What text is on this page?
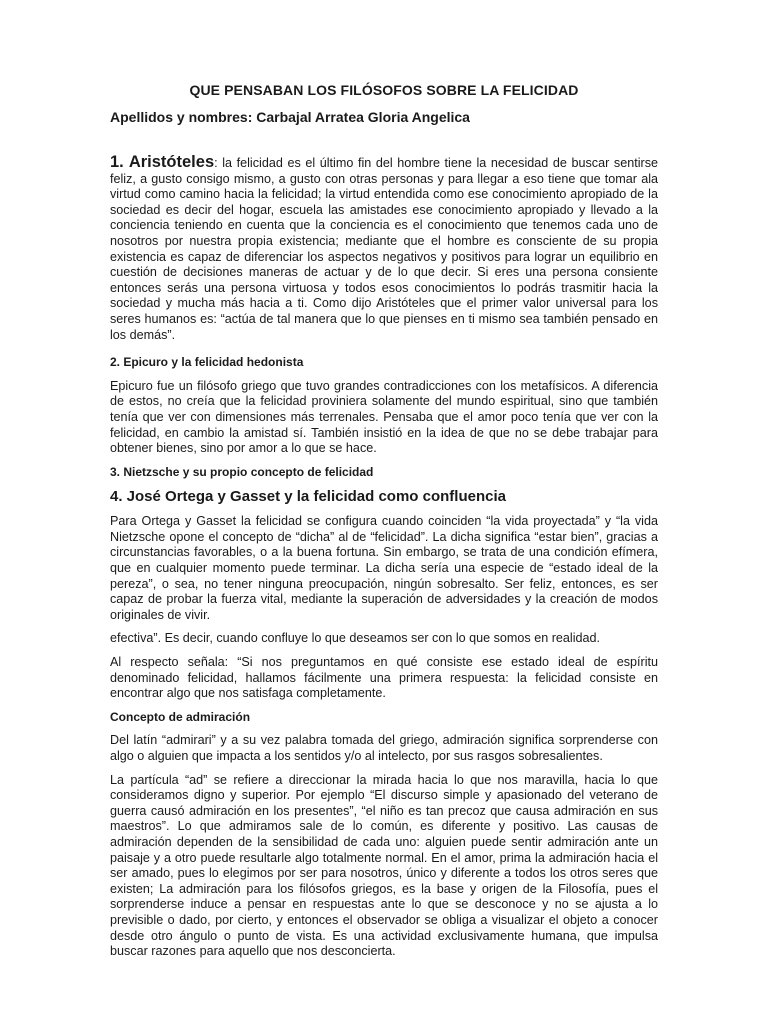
QUE PENSABAN LOS FILÓSOFOS SOBRE LA FELICIDAD
Apellidos y nombres: Carbajal Arratea Gloria Angelica

1. Aristóteles: la felicidad es el último fin del hombre tiene la necesidad de buscar sentirse feliz, a gusto consigo mismo, a gusto con otras personas y para llegar a eso tiene que tomar ala virtud como camino hacia la felicidad; la virtud entendida como ese conocimiento apropiado de la sociedad es decir del hogar, escuela las amistades ese conocimiento apropiado y llevado a la conciencia teniendo en cuenta que la conciencia es el conocimiento que tenemos cada uno de nosotros por nuestra propia existencia; mediante que el hombre es consciente de su propia existencia es capaz de diferenciar los aspectos negativos y positivos para lograr un equilibrio en cuestión de decisiones maneras de actuar y de lo que decir. Si eres una persona consiente entonces serás una persona virtuosa y todos esos conocimientos lo podrás trasmitir hacia la sociedad y mucha más hacia a ti. Como dijo Aristóteles que el primer valor universal para los seres humanos es: “actúa de tal manera que lo que pienses en ti mismo sea también pensado en los demás”.

2. Epicuro y la felicidad hedonista

Epicuro fue un filósofo griego que tuvo grandes contradicciones con los metafísicos. A diferencia de estos, no creía que la felicidad proviniera solamente del mundo espiritual, sino que también tenía que ver con dimensiones más terrenales. Pensaba que el amor poco tenía que ver con la felicidad, en cambio la amistad sí. También insistió en la idea de que no se debe trabajar para obtener bienes, sino por amor a lo que se hace.

3. Nietzsche y su propio concepto de felicidad
4. José Ortega y Gasset y la felicidad como confluencia

Para Ortega y Gasset la felicidad se configura cuando coinciden “la vida proyectada” y “la vida Nietzsche opone el concepto de “dicha” al de “felicidad”. La dicha significa “estar bien”, gracias a circunstancias favorables, o a la buena fortuna. Sin embargo, se trata de una condición efímera, que en cualquier momento puede terminar. La dicha sería una especie de “estado ideal de la pereza”, o sea, no tener ninguna preocupación, ningún sobresalto. Ser feliz, entonces, es ser capaz de probar la fuerza vital, mediante la superación de adversidades y la creación de modos originales de vivir.

efectiva”. Es decir, cuando confluye lo que deseamos ser con lo que somos en realidad.

Al respecto señala: “Si nos preguntamos en qué consiste ese estado ideal de espíritu denominado felicidad, hallamos fácilmente una primera respuesta: la felicidad consiste en encontrar algo que nos satisfaga completamente.

Concepto de admiración

Del latín “admirari” y a su vez palabra tomada del griego, admiración significa sorprenderse con algo o alguien que impacta a los sentidos y/o al intelecto, por sus rasgos sobresalientes.

La partícula “ad” se refiere a direccionar la mirada hacia lo que nos maravilla, hacia lo que consideramos digno y superior. Por ejemplo “El discurso simple y apasionado del veterano de guerra causó admiración en los presentes”, “el niño es tan precoz que causa admiración en sus maestros”. Lo que admiramos sale de lo común, es diferente y positivo. Las causas de admiración dependen de la sensibilidad de cada uno: alguien puede sentir admiración ante un paisaje y a otro puede resultarle algo totalmente normal. En el amor, prima la admiración hacia el ser amado, pues lo elegimos por ser para nosotros, único y diferente a todos los otros seres que existen; La admiración para los filósofos griegos, es la base y origen de la Filosofía, pues el sorprenderse induce a pensar en respuestas ante lo que se desconoce y no se ajusta a lo previsible o dado, por cierto, y entonces el observador se obliga a visualizar el objeto a conocer desde otro ángulo o punto de vista. Es una actividad exclusivamente humana, que impulsa buscar razones para aquello que nos desconcierta.
